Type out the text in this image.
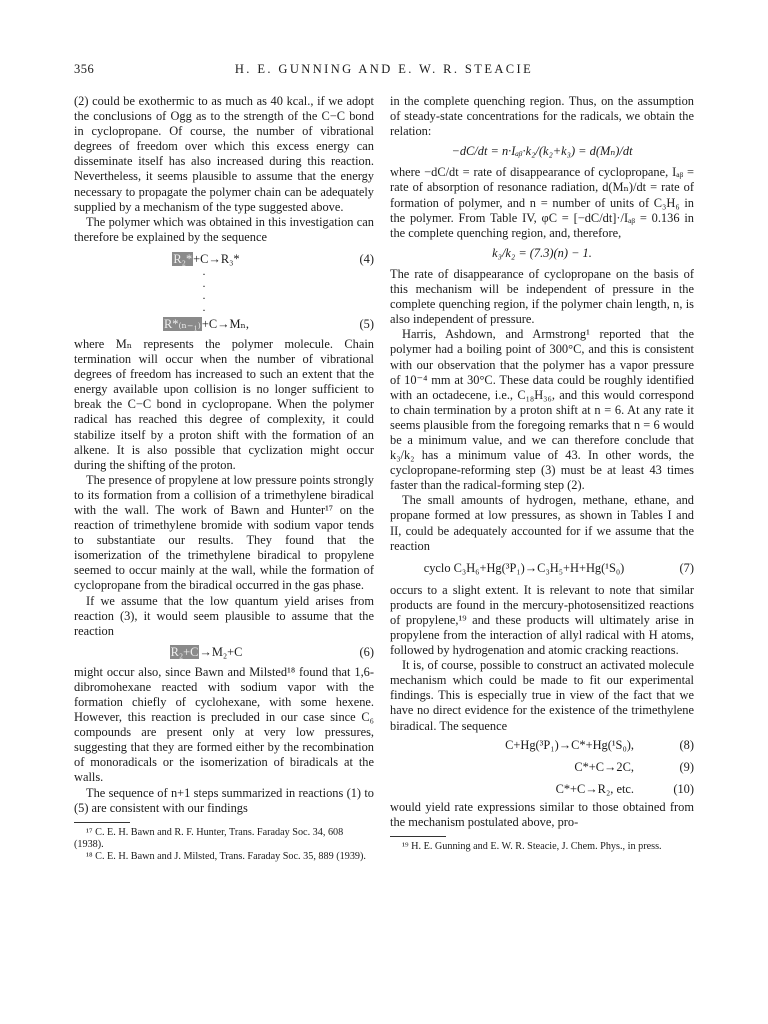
356	H. E. GUNNING AND E. W. R. STEACIE

(2) could be exothermic to as much as 40 kcal., if we adopt the conclusions of Ogg as to the strength of the C−C bond in cyclopropane. Of course, the number of vibrational degrees of freedom over which this excess energy can disseminate itself has also increased during this reaction. Nevertheless, it seems plausible to assume that the energy necessary to propagate the polymer chain can be adequately supplied by a mechanism of the type suggested above.

The polymer which was obtained in this investigation can therefore be explained by the sequence

R₂*+C→R₃*	(4)
·
·
·
·
R*₍ₙ₋₁₎+C→Mₙ,	(5)

where Mₙ represents the polymer molecule. Chain termination will occur when the number of vibrational degrees of freedom has increased to such an extent that the energy available upon collision is no longer sufficient to break the C−C bond in cyclopropane. When the polymer radical has reached this degree of complexity, it could stabilize itself by a proton shift with the formation of an alkene. It is also possible that cyclization might occur during the shifting of the proton.

The presence of propylene at low pressure points strongly to its formation from a collision of a trimethylene biradical with the wall. The work of Bawn and Hunter¹⁷ on the reaction of trimethylene bromide with sodium vapor tends to substantiate our results. They found that the isomerization of the trimethylene biradical to propylene seemed to occur mainly at the wall, while the formation of cyclopropane from the biradical occurred in the gas phase.

If we assume that the low quantum yield arises from reaction (3), it would seem plausible to assume that the reaction

R₂+C→M₂+C	(6)

might occur also, since Bawn and Milsted¹⁸ found that 1,6-dibromohexane reacted with sodium vapor with the formation chiefly of cyclohexane, with some hexene. However, this reaction is precluded in our case since C₆ compounds are present only at very low pressures, suggesting that they are formed either by the recombination of monoradicals or the isomerization of biradicals at the walls.

The sequence of n+1 steps summarized in reactions (1) to (5) are consistent with our findings

¹⁷ C. E. H. Bawn and R. F. Hunter, Trans. Faraday Soc. 34, 608 (1938).

¹⁸ C. E. H. Bawn and J. Milsted, Trans. Faraday Soc. 35, 889 (1939).

in the complete quenching region. Thus, on the assumption of steady-state concentrations for the radicals, we obtain the relation:

−dC/dt = n·Iₐᵦ·k₂/(k₂+k₃) = d(Mₙ)/dt

where −dC/dt = rate of disappearance of cyclopropane, Iₐᵦ = rate of absorption of resonance radiation, d(Mₙ)/dt = rate of formation of polymer, and n = number of units of C₃H₆ in the polymer. From Table IV, φC = [−dC/dt]·/Iₐᵦ = 0.136 in the complete quenching region, and, therefore,

k₃/k₂ = (7.3)(n) − 1.

The rate of disappearance of cyclopropane on the basis of this mechanism will be independent of pressure in the complete quenching region, if the polymer chain length, n, is also independent of pressure.

Harris, Ashdown, and Armstrong¹ reported that the polymer had a boiling point of 300°C, and this is consistent with our observation that the polymer has a vapor pressure of 10⁻⁴ mm at 30°C. These data could be roughly identified with an octadecene, i.e., C₁₈H₃₆, and this would correspond to chain termination by a proton shift at n = 6. At any rate it seems plausible from the foregoing remarks that n = 6 would be a minimum value, and we can therefore conclude that k₃/k₂ has a minimum value of 43. In other words, the cyclopropane-reforming step (3) must be at least 43 times faster than the radical-forming step (2).

The small amounts of hydrogen, methane, ethane, and propane formed at low pressures, as shown in Tables I and II, could be adequately accounted for if we assume that the reaction

cyclo C₃H₆+Hg(³P₁)→C₃H₅+H+Hg(¹S₀)	(7)

occurs to a slight extent. It is relevant to note that similar products are found in the mercury-photosensitized reactions of propylene,¹⁹ and these products will ultimately arise in propylene from the interaction of allyl radical with H atoms, followed by hydrogenation and atomic cracking reactions.

It is, of course, possible to construct an activated molecule mechanism which could be made to fit our experimental findings. This is especially true in view of the fact that we have no direct evidence for the existence of the trimethylene biradical. The sequence

C+Hg(³P₁)→C*+Hg(¹S₀),	(8)
C*+C→2C,	(9)
C*+C→R₂, etc.	(10)

would yield rate expressions similar to those obtained from the mechanism postulated above, pro-

¹⁹ H. E. Gunning and E. W. R. Steacie, J. Chem. Phys., in press.
